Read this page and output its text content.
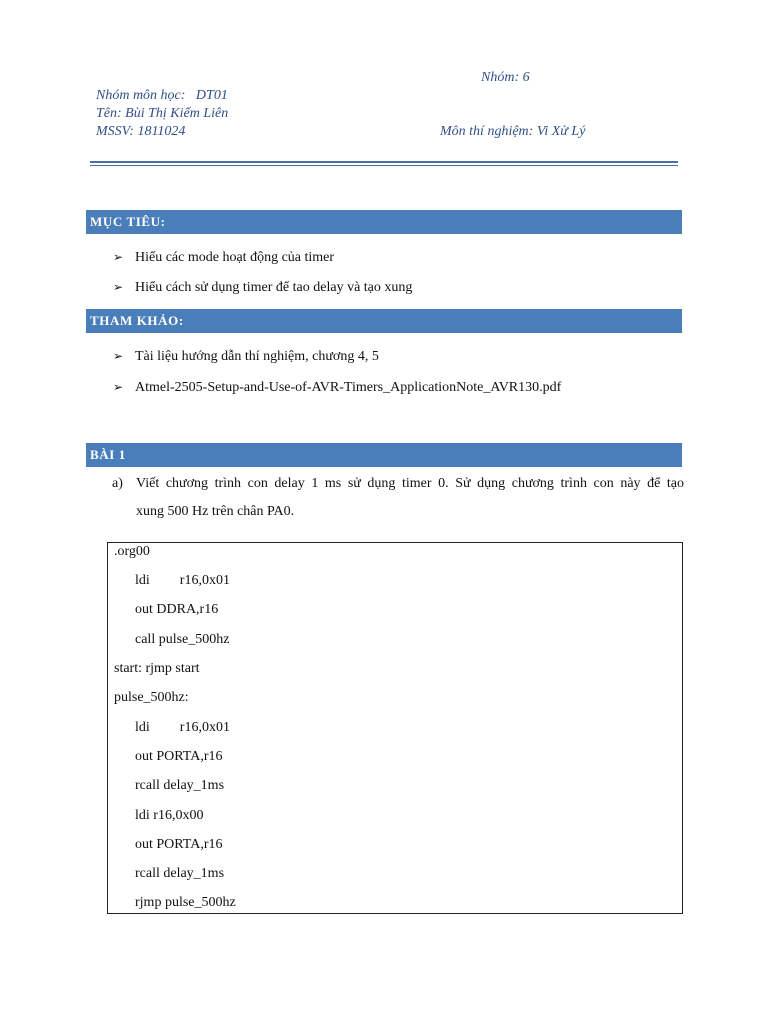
Nhóm: 6
Nhóm môn học:   DT01
Tên: Bùi Thị Kiếm Liên
MSSV: 1811024	Môn thí nghiệm: Vi Xử Lý
MỤC TIÊU:
➢ Hiểu các mode hoạt động của timer
➢ Hiểu cách sử dụng timer để tao delay và tạo xung
THAM KHẢO:
➢ Tài liệu hướng dẫn thí nghiệm, chương 4, 5
➢ Atmel-2505-Setup-and-Use-of-AVR-Timers_ApplicationNote_AVR130.pdf
BÀI 1
a) Viết chương trình con delay 1 ms sử dụng timer 0. Sử dụng chương trình con này để tạo
xung 500 Hz trên chân PA0.
.org00
ldi r16,0x01
out DDRA,r16
call pulse_500hz
start: rjmp start
pulse_500hz:
ldi r16,0x01
out PORTA,r16
rcall delay_1ms
ldi r16,0x00
out PORTA,r16
rcall delay_1ms
rjmp pulse_500hz
